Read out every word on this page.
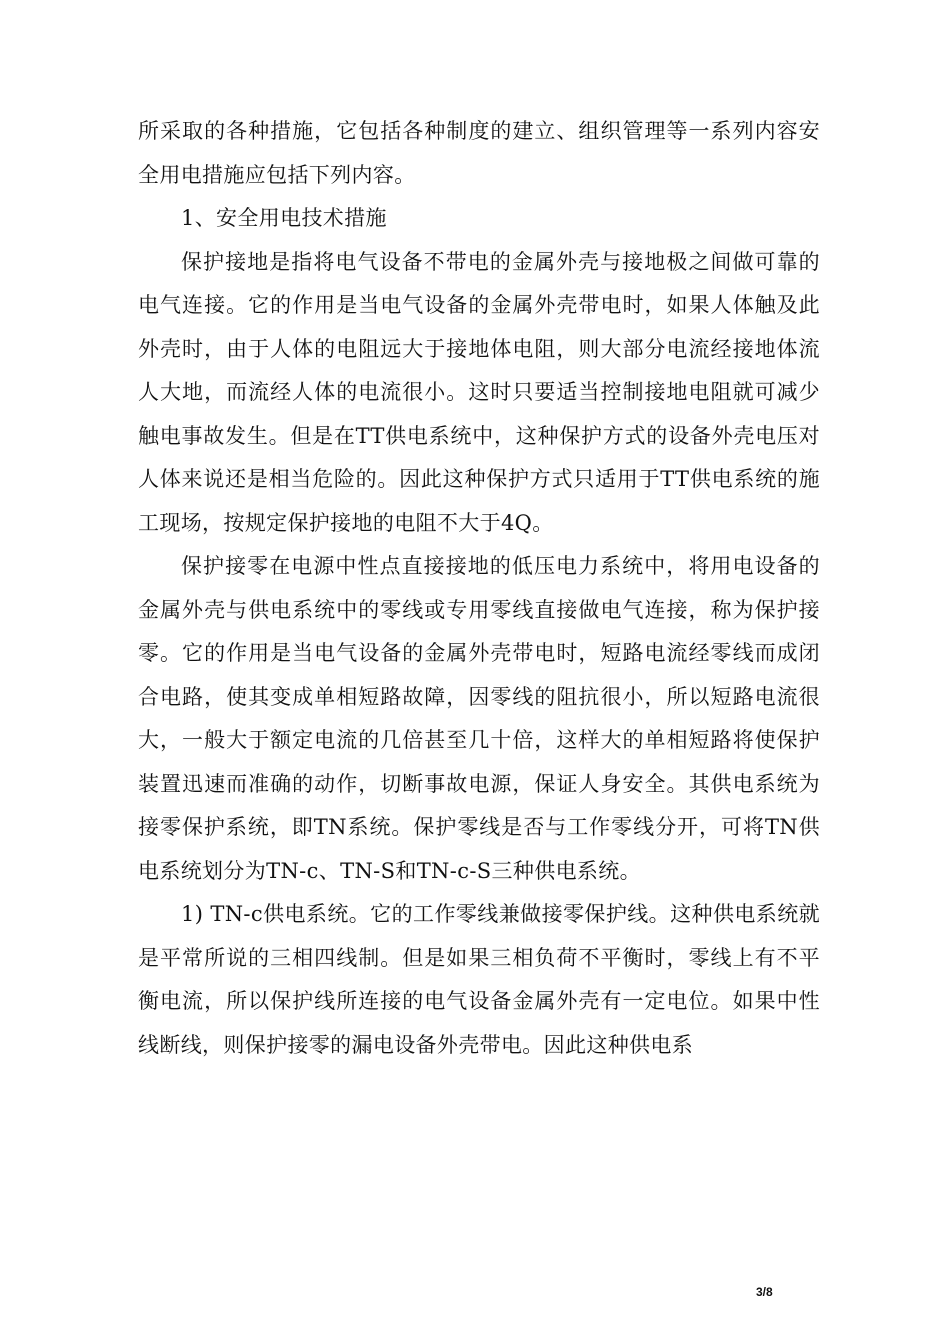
所采取的各种措施，它包括各种制度的建立、组织管理等一系列内容安全用电措施应包括下列内容。

1、安全用电技术措施

保护接地是指将电气设备不带电的金属外壳与接地极之间做可靠的电气连接。它的作用是当电气设备的金属外壳带电时，如果人体触及此外壳时，由于人体的电阻远大于接地体电阻，则大部分电流经接地体流人大地，而流经人体的电流很小。这时只要适当控制接地电阻就可减少触电事故发生。但是在TT供电系统中，这种保护方式的设备外壳电压对人体来说还是相当危险的。因此这种保护方式只适用于TT供电系统的施工现场，按规定保护接地的电阻不大于4Q。

保护接零在电源中性点直接接地的低压电力系统中，将用电设备的金属外壳与供电系统中的零线或专用零线直接做电气连接，称为保护接零。它的作用是当电气设备的金属外壳带电时，短路电流经零线而成闭合电路，使其变成单相短路故障，因零线的阻抗很小，所以短路电流很大，一般大于额定电流的几倍甚至几十倍，这样大的单相短路将使保护装置迅速而准确的动作，切断事故电源，保证人身安全。其供电系统为接零保护系统，即TN系统。保护零线是否与工作零线分开，可将TN供电系统划分为TN-c、TN-S和TN-c-S三种供电系统。

1) TN-c供电系统。它的工作零线兼做接零保护线。这种供电系统就是平常所说的三相四线制。但是如果三相负荷不平衡时，零线上有不平衡电流，所以保护线所连接的电气设备金属外壳有一定电位。如果中性线断线，则保护接零的漏电设备外壳带电。因此这种供电系

3/8
